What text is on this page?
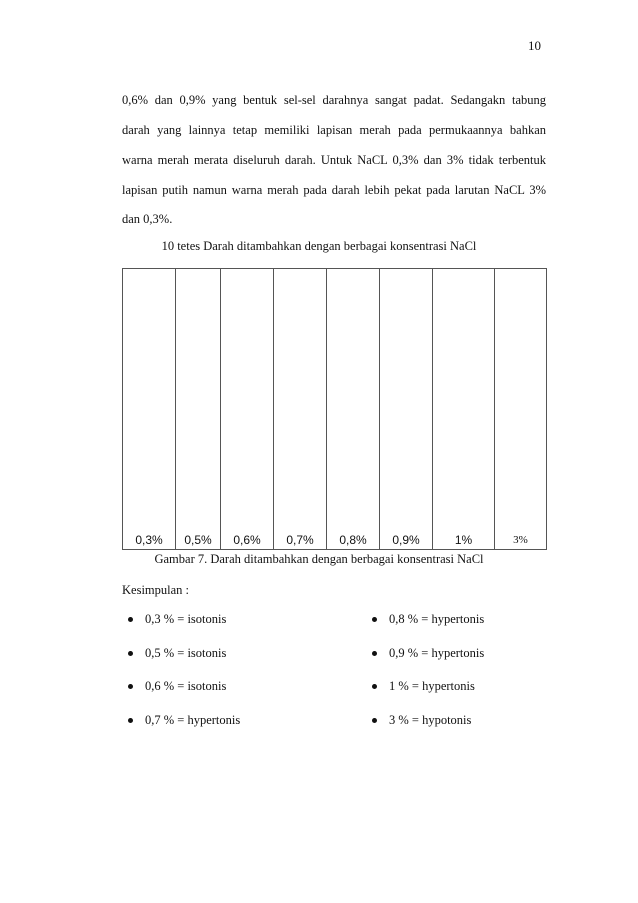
10
0,6% dan 0,9% yang bentuk sel-sel darahnya sangat padat. Sedangakn tabung
darah yang lainnya tetap memiliki lapisan merah pada permukaannya bahkan
warna merah merata diseluruh darah. Untuk NaCL 0,3% dan 3% tidak terbentuk
lapisan putih namun warna merah pada darah lebih pekat pada larutan NaCL 3%
dan 0,3%.
10 tetes Darah ditambahkan dengan berbagai konsentrasi NaCl
0,3%	0,5%	0,6%	0,7%	0,8%	0,9%	1%	3%
Gambar 7. Darah ditambahkan dengan berbagai konsentrasi NaCl
Kesimpulan :
0,3 % = isotonis
0,5 % = isotonis
0,6 % = isotonis
0,7 % = hypertonis
0,8 % = hypertonis
0,9 % = hypertonis
1 % = hypertonis
3 % = hypotonis
